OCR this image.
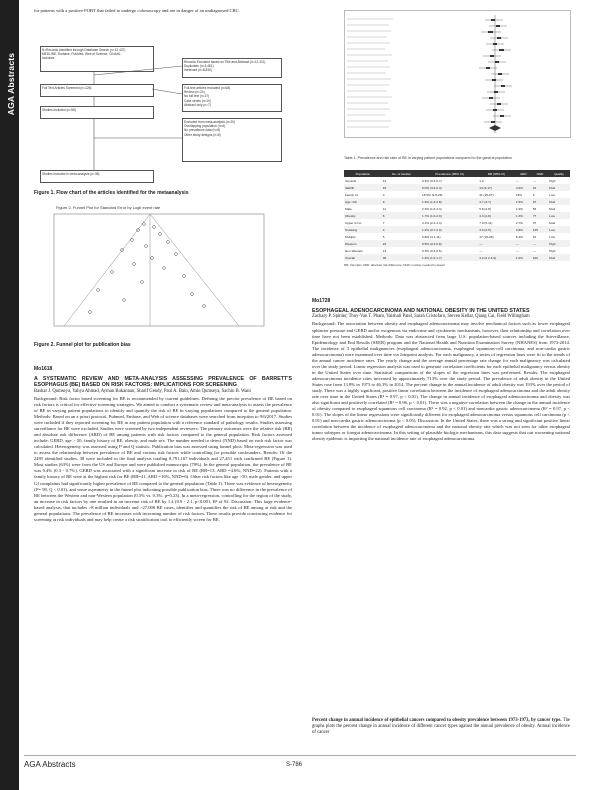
AGA Abstracts
for patients with a positive FOBT that failed to undergo colonoscopy and are in danger of an undiagnosed CRC.
N=Records Identified through Database Search (n=12,437)
MEDLINE, Embase, PubMed, Web of Science, CINAHL
Inclusive
Records Excluded based on Title and Abstract (n=12,311)
Duplicates (n=3,481)
Irrelevant (n=8,830)
Full Text Articles Screened (n=126)	Full-text articles excluded (n=68)
Review (n=24)
No full text (n=27)
Case series (n=10)
Abstract only (n=7)
Studies Included (n=58)
Excluded from meta-analysis (n=20)
Overlapping population (n=6)
No prevalence data (n=8)
Other study designs (n=6)
Studies included in meta-analysis (n=38)
Figure 1. Flow chart of the articles identified for the metaanalysis
Figure 2. Funnel Plot for Standard Error by Logit event rate
Figure 2. Funnel plot for publication bias

Mo1618

A SYSTEMATIC REVIEW AND META-ANALYSIS ASSESSING PREVALENCE OF BARRETT'S ESOPHAGUS (BE) BASED ON RISK FACTORS: IMPLICATIONS FOR SCREENING

Bashar J. Qumseya, Yahya Ahmad, Ayman Bukannan, Sharif Gendy, Paul A. Bain, Amin Qumseya, Sachin B. Wani

Background: Risk factor based screening for BE is recommended by current guidelines. Defining the precise prevalence of BE based on risk factors is critical for effective screening strategies. We aimed to conduct a systematic review and meta-analysis to assess the prevalence of BE in varying patient populations to identify and quantify the risk of BE in varying populations compared to the general population. Methods: Based on an a priori protocol, Pubmed, Embase, and Web of science databases were searched from inception to 9/6/2017. Studies were included if they reported screening for BE in any patient population with a reference standard of pathology results. Studies assessing surveillance for BE were excluded. Studies were screened by two independent reviewers. The primary outcomes were the relative risk (RR) and absolute risk difference (ARD) of BE among patients with risk factors compared to the general population. Risk factors assessed include: GERD, age > 50, family history of BE, obesity, and male sex. The number needed to detect (NND) based on each risk factor was calculated. Heterogeneity was assessed using I² and Q statistic. Publication bias was assessed using funnel plots. Meta-regression was used to assess the relationship between prevalence of BE and various risk factors while controlling for possible confounders. Results: Of the 2495 identified studies, 38 were included in the final analysis totaling 8,791,167 individuals and 27,451 with confirmed BE (Figure 1). Most studies (63%) were from the US and Europe and were published manuscripts (78%). In the general population, the prevalence of BE was 0.4% (0.3 - 0.7%). GERD was associated with a significant increase in risk of BE (RR=13, ARD =4.6%, NND=22). Patients with a family history of BE were at the highest risk for BE (RR=41, ARD =16%, NND=6). Other risk factors like age >50, male gender, and upper GI complaints had significantly higher prevalence of BE compared to the general population (Table 1). There was evidence of heterogeneity (I²= 99, Q < 0.01), and some asymmetry in the funnel plot indicating possible publication bias. There was no difference in the prevalence of BE between the Western and non-Western population (0.5% vs. 0.3%, p=0.23). In a meta-regression, controlling for the region of the study, an increase in risk factors by one resulted in an increase risk of BE by 1.4 (0.9 - 2.1, p<0.001, R² of 92. Discussion: This large evidence-based analysis, that includes >8 million individuals and >27,000 BE cases, identifies and quantifies the risk of BE among at risk and the general populations. The prevalence of BE increases with increasing number of risk factors. These results provide convincing evidence for screening at risk individuals and may help create a risk stratification tool to efficiently screen for BE.

Table 1. Prevalence and risk ratio of BE in varying patient populations compared to the general population
Population	No. of studies	Prevalence (95% CI)	RR (95% CI)	ARD	NND	Quality
General	12	0.4% (0.3-0.7)	1.0	—	—	High
GERD	18	5.0% (3.9-6.4)	13 (9-17)	4.6%	22	Mod
Family hx	3	16.5% (9.9-26)	41 (25-67)	16%	6	Low
Age >50	9	1.9% (1.3-2.8)	4.7 (3-7)	1.5%	67	Mod
Male	11	2.3% (1.6-3.3)	5.8 (4-8)	1.9%	53	Mod
Obesity	6	1.7% (1.0-2.9)	4.3 (2-8)	1.3%	77	Low
Upper GI sx	7	3.1% (2.2-4.4)	7.8 (5-11)	2.7%	37	Mod
Smoking	4	1.2% (0.7-2.0)	3.0 (2-5)	0.8%	125	Low
Multiple	5	6.8% (4.1-11)	17 (10-28)	6.4%	16	Low
Western	24	0.5% (0.3-0.8)	—	—	—	High
Non-Western	14	0.3% (0.2-0.5)	—	—	—	High
Overall	38	1.3% (1.0-1.7)	3.2 (2.2-4.6)	1.0%	100	Mod
RR: risk ratio; ARD: absolute risk difference; NND: number needed to detect

Mo1728

ESOPHAGEAL ADENOCARCINOMA AND NATIONAL OBESITY IN THE UNITED STATES

Zachary P. Spinler, Thuy-Van T. Pham, Vaishali Patel, Sarah Cristofaro, Steven Kellar, Qiang Cai, Field Willingham

Background: The association between obesity and esophageal adenocarcinoma may involve mechanical factors such as lower esophageal sphincter pressure and GERD and/or exogenous via endocrine and cytokinetic mechanisms, however, their relationship and correlation over time have not been established. Methods: Data was abstracted from large U.S. population-based sources including the Surveillance, Epidemiology and End Results (SEER) program and the National Health and Nutrition Examination Survey (NHANES) from 1973-2014. The incidence of 3 epithelial malignancies (esophageal adenocarcinoma, esophageal squamous-cell carcinoma, and non-cardia gastric adenocarcinoma) were examined over time via Joinpoint analysis. For each malignancy, a series of regression lines were fit to the trends of the annual cancer incidence rates. The yearly change and the average annual percentage rate change for each malignancy was calculated over the study period. Linear regression analysis was used to generate correlation coefficients for each epithelial malignancy versus obesity in the United States over time. Statistical comparisons of the slopes of the regression lines was performed. Results: The esophageal adenocarcinoma incidence rates increased by approximately 713% over the study period. The prevalence of adult obesity in the United States rose from 13.8% in 1973 to 46.3% in 2014. The percent change in the annual incidence of adult obesity was 193% over the period of study. There was a highly significant, positive linear correlation between the incidence of esophageal adenocarcinoma and the adult obesity rate over time in the United States (R² = 0.97, p < 0.01). The change in annual incidence of esophageal adenocarcinoma and obesity was also significant and positively correlated (R² = 0.96, p < 0.01). There was a negative correlation between the change in the annual incidence of obesity compared to esophageal squamous cell carcinoma (R² = 0.92, p < 0.01) and noncardia gastric adenocarcinoma (R² = 0.97, p < 0.01). The slopes of the linear regressions were significantly different for esophageal adenocarcinoma versus squamous cell carcinoma (p < 0.01) and non-cardia gastric adenocarcinoma (p < 0.05). Discussion: In the United States, there was a strong and significant positive linear correlation between the incidence of esophageal adenocarcinoma and the national obesity rate which was not seen for other esophageal tumor subtypes or foregut adenocarcinoma. In this setting of plausible biologic mechanisms, this data suggests that our worsening national obesity epidemic is impacting the national incidence rate of esophageal adenocarcinoma.

Percent change in annual incidence of epithelial cancers compared to obesity prevalence between 1973-1973, by cancer type. The graphs plots the percent change in annual incidence of different cancer types against the annual prevalence of obesity. Annual incidence of cancer
AGA Abstracts	S-786
